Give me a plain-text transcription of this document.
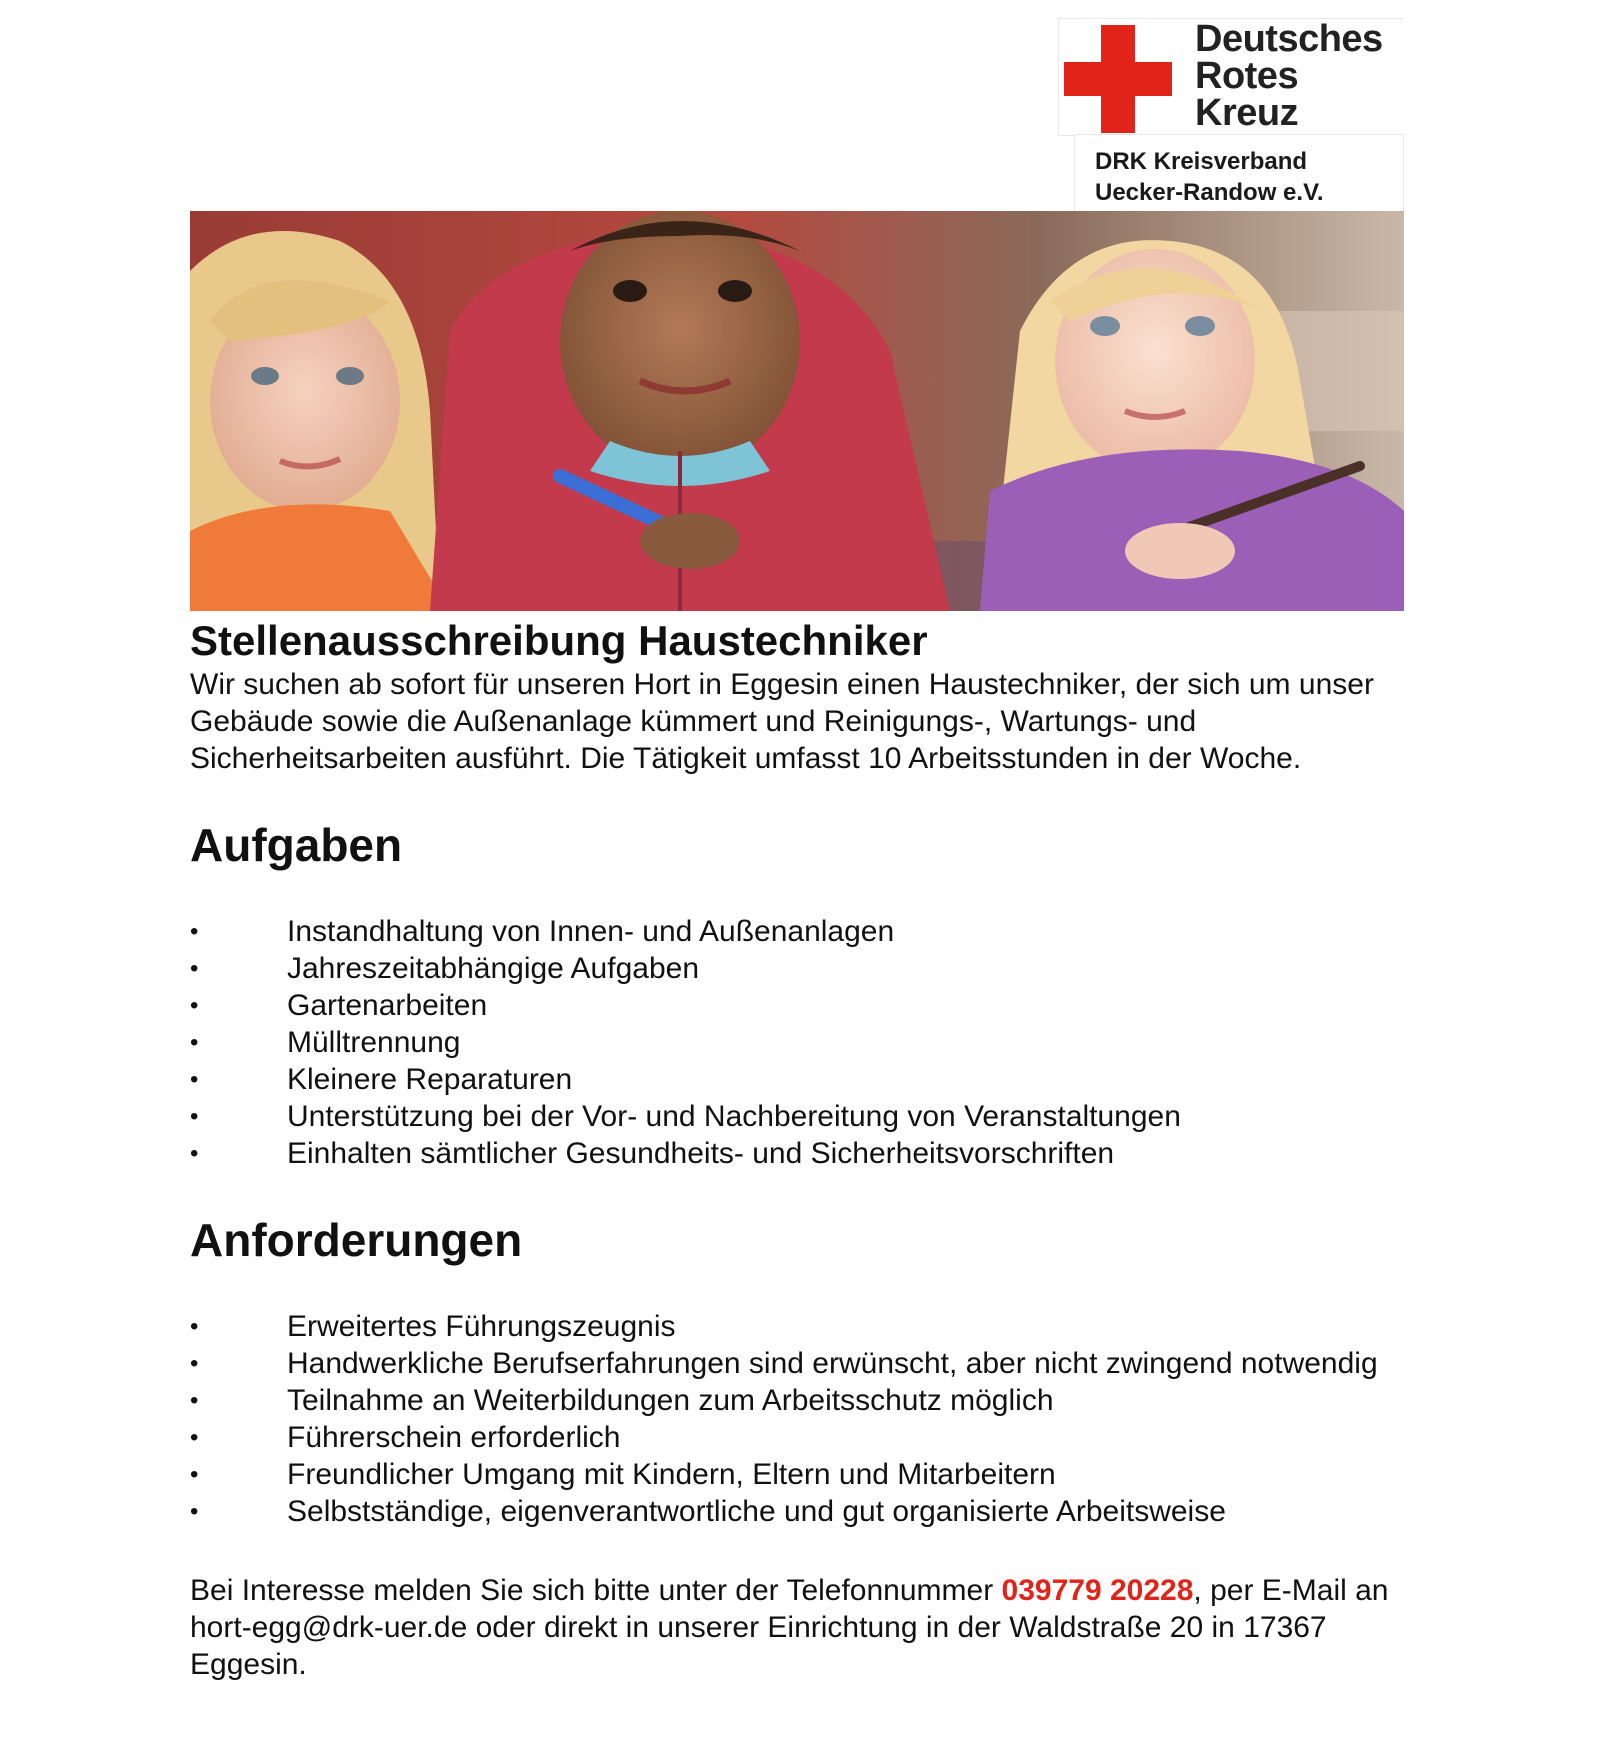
Deutsches
Rotes
Kreuz
DRK Kreisverband
Uecker-Randow e.V.
Stellenausschreibung Haustechniker

Wir suchen ab sofort für unseren Hort in Eggesin einen Haustechniker, der sich um unser Gebäude sowie die Außenanlage kümmert und Reinigungs-, Wartungs- und Sicherheitsarbeiten ausführt. Die Tätigkeit umfasst 10 Arbeitsstunden in der Woche.

Aufgaben
•	Instandhaltung von Innen- und Außenanlagen
•	Jahreszeitabhängige Aufgaben
•	Gartenarbeiten
•	Mülltrennung
•	Kleinere Reparaturen
•	Unterstützung bei der Vor- und Nachbereitung von Veranstaltungen
•	Einhalten sämtlicher Gesundheits- und Sicherheitsvorschriften
Anforderungen
•	Erweitertes Führungszeugnis
•	Handwerkliche Berufserfahrungen sind erwünscht, aber nicht zwingend notwendig
•	Teilnahme an Weiterbildungen zum Arbeitsschutz möglich
•	Führerschein erforderlich
•	Freundlicher Umgang mit Kindern, Eltern und Mitarbeitern
•	Selbstständige, eigenverantwortliche und gut organisierte Arbeitsweise

Bei Interesse melden Sie sich bitte unter der Telefonnummer 039779 20228, per E-Mail an hort-egg@drk-uer.de oder direkt in unserer Einrichtung in der Waldstraße 20 in 17367 Eggesin.
